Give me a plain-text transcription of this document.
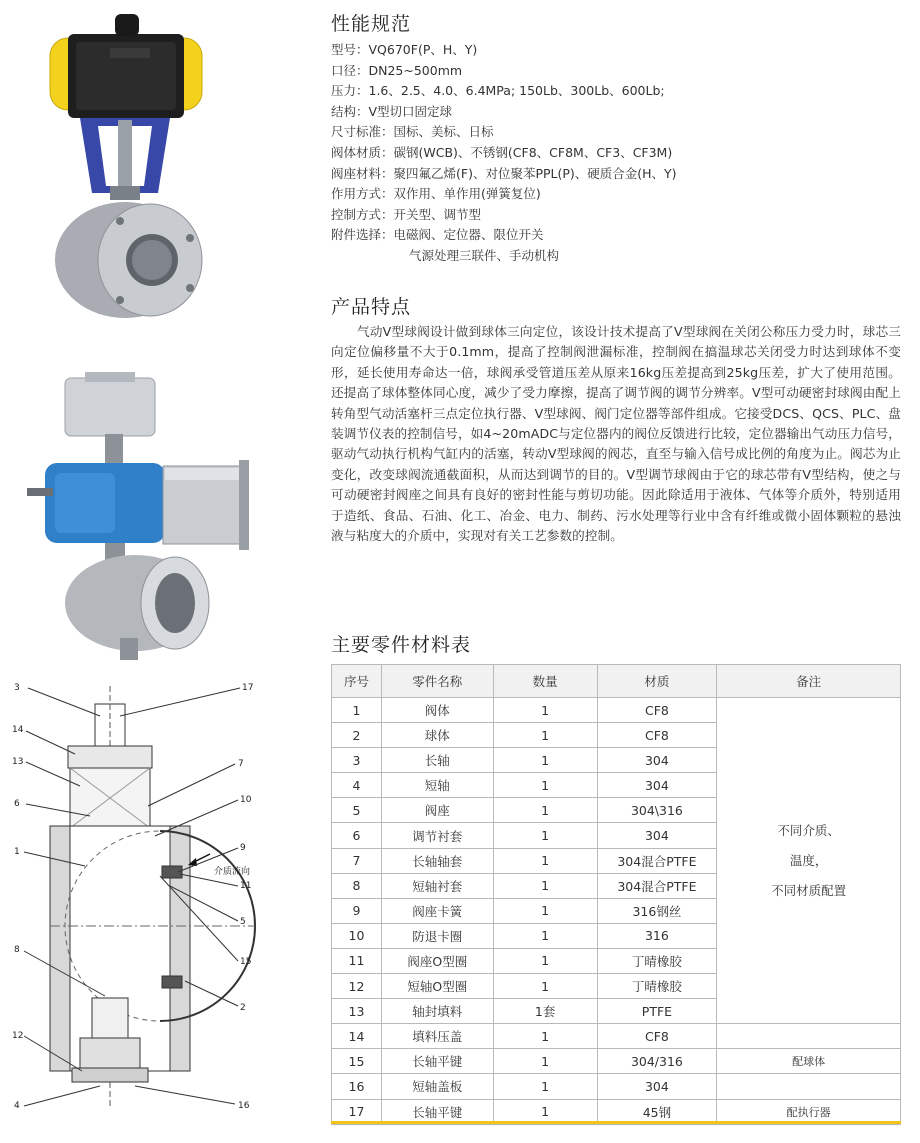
介质流向
3	17
14
7
13
10
6
9
1
11
5
15
8
2
12
4	16
性能规范
型号：VQ670F(P、H、Y)
口径：DN25~500mm
压力：1.6、2.5、4.0、6.4MPa; 150Lb、300Lb、600Lb;
结构：V型切口固定球
尺寸标准：国标、美标、日标
阀体材质：碳钢(WCB)、不锈钢(CF8、CF8M、CF3、CF3M)
阀座材料：聚四氟乙烯(F)、对位聚苯PPL(P)、硬质合金(H、Y)
作用方式：双作用、单作用(弹簧复位)
控制方式：开关型、调节型
附件选择：电磁阀、定位器、限位开关
气源处理三联件、手动机构
产品特点
气动V型球阀设计做到球体三向定位，该设计技术提高了V型球阀在关闭公称压力受力时，球芯三向定位偏移量不大于0.1mm，提高了控制阀泄漏标准，控制阀在搞温球芯关闭受力时达到球体不变形，延长使用寿命达一倍，球阀承受管道压差从原来16kg压差提高到25kg压差，扩大了使用范围。还提高了球体整体同心度，减少了受力摩擦，提高了调节阀的调节分辨率。V型可动硬密封球阀由配上转角型气动活塞杆三点定位执行器、V型球阀、阀门定位器等部件组成。它接受DCS、QCS、PLC、盘装调节仪表的控制信号，如4~20mADC与定位器内的阀位反馈进行比较，定位器输出气动压力信号，驱动气动执行机构气缸内的活塞，转动V型球阀的阀芯，直至与输入信号成比例的角度为止。阀芯为止变化，改变球阀流通截面积，从而达到调节的目的。V型调节球阀由于它的球芯带有V型结构，使之与可动硬密封阀座之间具有良好的密封性能与剪切功能。因此除适用于液体、气体等介质外，特别适用于造纸、食品、石油、化工、冶金、电力、制药、污水处理等行业中含有纤维或微小固体颗粒的悬浊液与粘度大的介质中，实现对有关工艺参数的控制。
主要零件材料表
序号	零件名称	数量	材质	备注
1	阀体	1	CF8	不同介质、
温度，
不同材质配置

2	球体	1	CF8	
3	长轴	1	304	
4	短轴	1	304	
5	阀座	1	304\316	
6	调节衬套	1	304	
7	长轴轴套	1	304混合PTFE	
8	短轴衬套	1	304混合PTFE	
9	阀座卡簧	1	316钢丝	
10	防退卡圈	1	316	
11	阀座O型圈	1	丁晴橡胶	
12	短轴O型圈	1	丁晴橡胶	
13	轴封填料	1套	PTFE	
14	填料压盖	1	CF8	
15	长轴平键	1	304/316	配球体
16	短轴盖板	1	304	
17	长轴平键	1	45钢	配执行器
